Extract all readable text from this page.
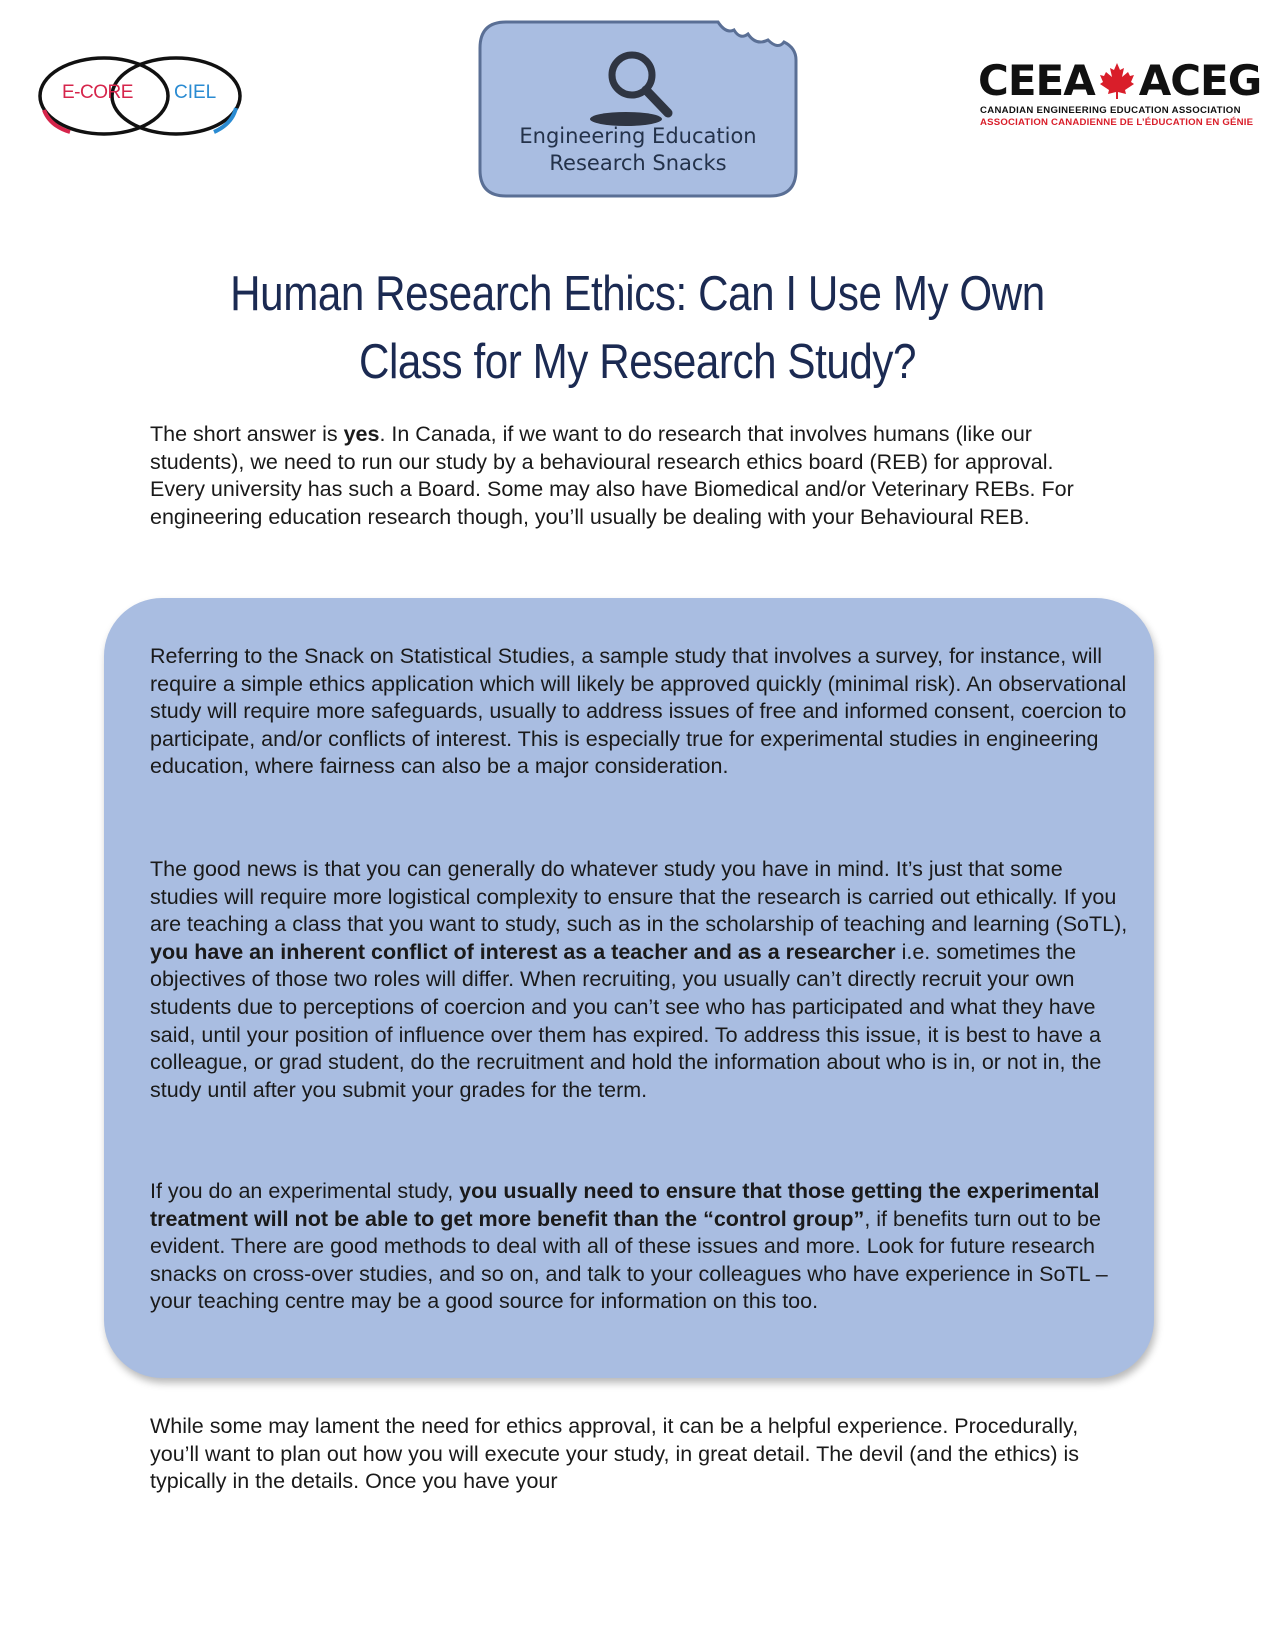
E-CORE CIEL
Engineering Education
Research Snacks
CEEA ACEG
CANADIAN ENGINEERING EDUCATION ASSOCIATION
ASSOCIATION CANADIENNE DE L’ÉDUCATION EN GÉNIE
Human Research Ethics: Can I Use My Own
Class for My Research Study?

The short answer is yes. In Canada, if we want to do research that involves humans (like our students), we need to run our study by a behavioural research ethics board (REB) for approval. Every university has such a Board. Some may also have Biomedical and/or Veterinary REBs. For engineering education research though, you’ll usually be dealing with your Behavioural REB.

Referring to the Snack on Statistical Studies, a sample study that involves a survey, for instance, will require a simple ethics application which will likely be approved quickly (minimal risk). An observational study will require more safeguards, usually to address issues of free and informed consent, coercion to participate, and/or conflicts of interest. This is especially true for experimental studies in engineering education, where fairness can also be a major consideration.

The good news is that you can generally do whatever study you have in mind. It’s just that some studies will require more logistical complexity to ensure that the research is carried out ethically. If you are teaching a class that you want to study, such as in the scholarship of teaching and learning (SoTL), you have an inherent conflict of interest as a teacher and as a researcher i.e. sometimes the objectives of those two roles will differ. When recruiting, you usually can’t directly recruit your own students due to perceptions of coercion and you can’t see who has participated and what they have said, until your position of influence over them has expired. To address this issue, it is best to have a colleague, or grad student, do the recruitment and hold the information about who is in, or not in, the study until after you submit your grades for the term.

If you do an experimental study, you usually need to ensure that those getting the experimental treatment will not be able to get more benefit than the “control group”, if benefits turn out to be evident. There are good methods to deal with all of these issues and more. Look for future research snacks on cross-over studies, and so on, and talk to your colleagues who have experience in SoTL – your teaching centre may be a good source for information on this too.

While some may lament the need for ethics approval, it can be a helpful experience. Procedurally, you’ll want to plan out how you will execute your study, in great detail. The devil (and the ethics) is typically in the details. Once you have your
